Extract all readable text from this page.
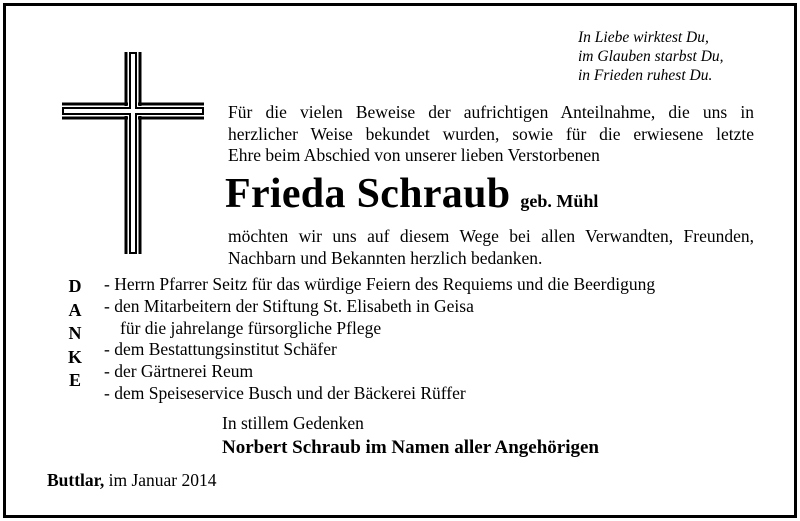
In Liebe wirktest Du,
im Glauben starbst Du,
in Frieden ruhest Du.
Für die vielen Beweise der aufrichtigen Anteilnahme, die uns in
herzlicher Weise bekundet wurden, sowie für die erwiesene letzte
Ehre beim Abschied von unserer lieben Verstorbenen
Frieda Schraub geb. Mühl
möchten wir uns auf diesem Wege bei allen Verwandten, Freunden,
Nachbarn und Bekannten herzlich bedanken.
D
A
N
K
E
- Herrn Pfarrer Seitz für das würdige Feiern des Requiems und die Beerdigung
- den Mitarbeitern der Stiftung St. Elisabeth in Geisa
für die jahrelange fürsorgliche Pflege
- dem Bestattungsinstitut Schäfer
- der Gärtnerei Reum
- dem Speiseservice Busch und der Bäckerei Rüffer
In stillem Gedenken
Norbert Schraub im Namen aller Angehörigen
Buttlar, im Januar 2014
